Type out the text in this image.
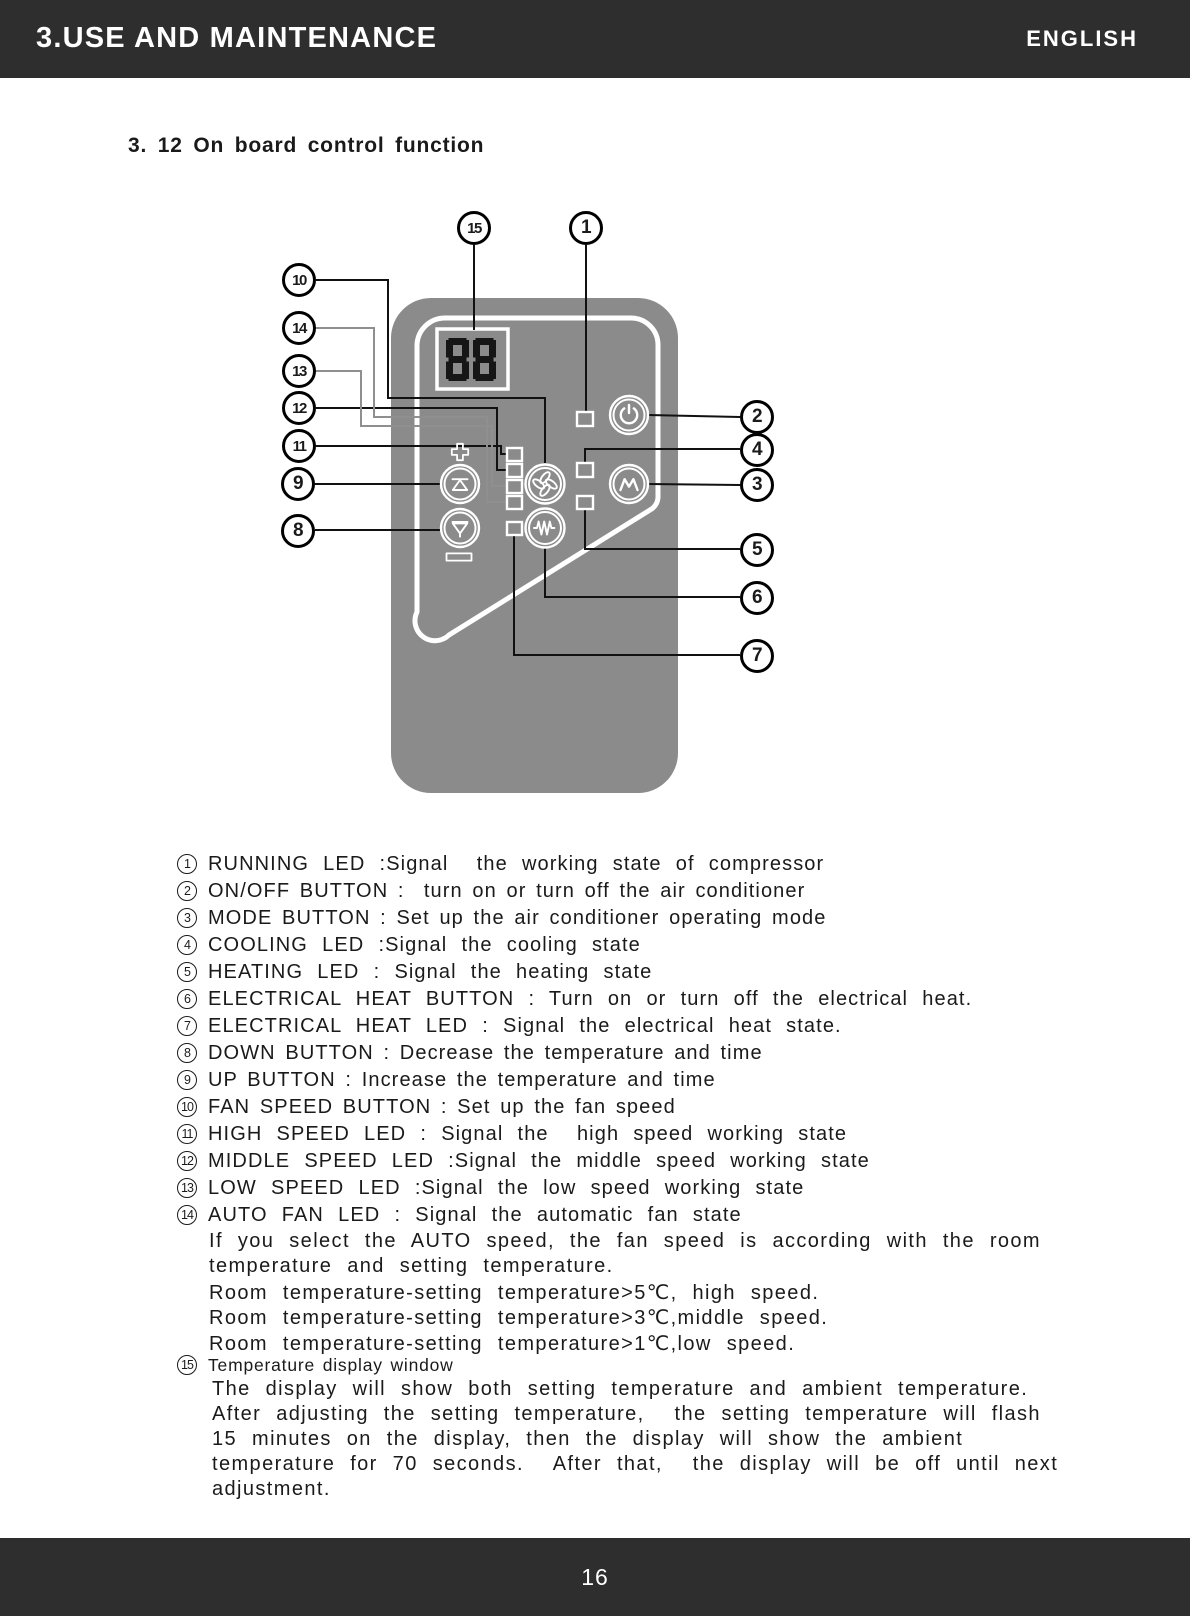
3.USE AND MAINTENANCE	ENGLISH
3. 12 On board control function
15	1
10
14
13
12
11
9
8
2
4
3
5
6
7
1 RUNNING LED :Signal  the working state of compressor
2 ON/OFF BUTTON :  turn on or turn off the air conditioner
3 MODE BUTTON : Set up the air conditioner operating mode
4 COOLING LED :Signal the cooling state
5 HEATING LED : Signal the heating state
6 ELECTRICAL HEAT BUTTON : Turn on or turn off the electrical heat.
7 ELECTRICAL HEAT LED : Signal the electrical heat state.
8 DOWN BUTTON : Decrease the temperature and time
9 UP BUTTON : Increase the temperature and time
10 FAN SPEED BUTTON : Set up the fan speed
11 HIGH SPEED LED : Signal the  high speed working state
12 MIDDLE SPEED LED :Signal the middle speed working state
13 LOW SPEED LED :Signal the low speed working state
14 AUTO FAN LED : Signal the automatic fan state
If you select the AUTO speed, the fan speed is according with the room
temperature and setting temperature.
Room temperature-setting temperature>5℃, high speed.
Room temperature-setting temperature>3℃,middle speed.
Room temperature-setting temperature>1℃,low speed.
15 Temperature display window
The display will show both setting temperature and ambient temperature.
After adjusting the setting temperature,  the setting temperature will flash
15 minutes on the display, then the display will show the ambient
temperature for 70 seconds.  After that,  the display will be off until next
adjustment.
16
